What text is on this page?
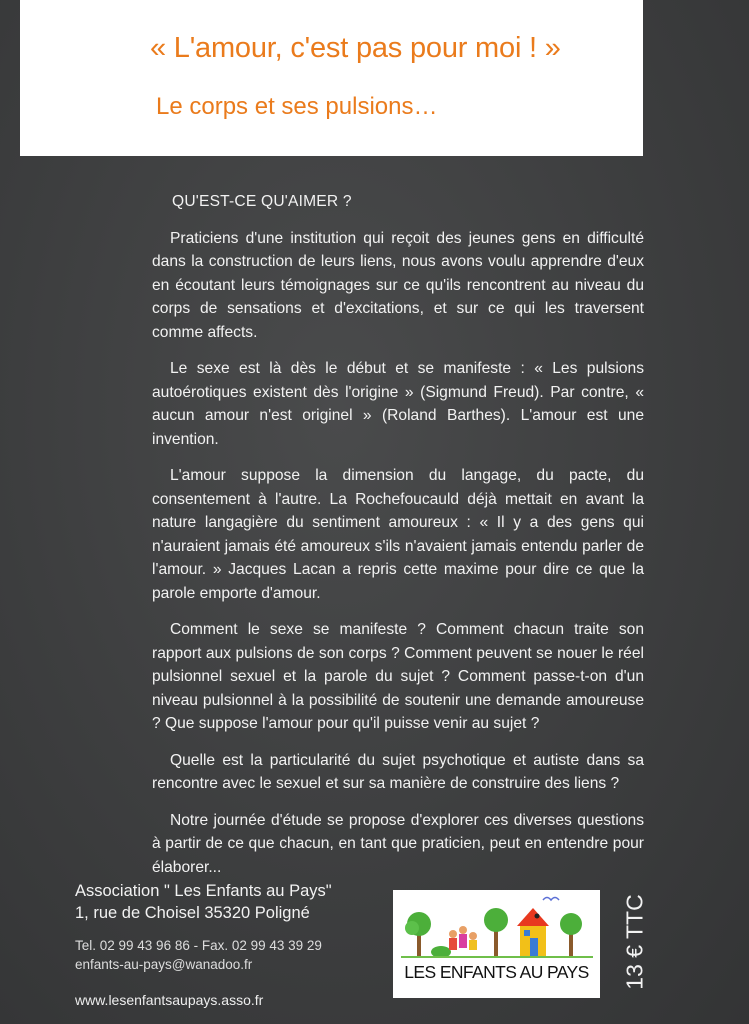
« L'amour, c'est pas pour moi ! »
Le corps et ses pulsions…
QU'EST-CE QU'AIMER ?

Praticiens d'une institution qui reçoit des jeunes gens en difficulté dans la construction de leurs liens, nous avons voulu apprendre d'eux en écoutant leurs témoignages sur ce qu'ils rencontrent au niveau du corps de sensations et d'excitations, et sur ce qui les traversent comme affects.

Le sexe est là dès le début et se manifeste : « Les pulsions autoérotiques existent dès l'origine » (Sigmund Freud). Par contre, « aucun amour n'est originel » (Roland Barthes). L'amour est une invention.

L'amour suppose la dimension du langage, du pacte, du consentement à l'autre. La Rochefoucauld déjà mettait en avant la nature langagière du sentiment amoureux : « Il y a des gens qui n'auraient jamais été amoureux s'ils n'avaient jamais entendu parler de l'amour. » Jacques Lacan a repris cette maxime pour dire ce que la parole emporte d'amour.

Comment le sexe se manifeste ? Comment chacun traite son rapport aux pulsions de son corps ? Comment peuvent se nouer le réel pulsionnel sexuel et la parole du sujet ? Comment passe-t-on d'un niveau pulsionnel à la possibilité de soutenir une demande amoureuse ? Que suppose l'amour pour qu'il puisse venir au sujet ?

Quelle est la particularité du sujet psychotique et autiste dans sa rencontre avec le sexuel et sur sa manière de construire des liens ?

Notre journée d'étude se propose d'explorer ces diverses questions à partir de ce que chacun, en tant que praticien, peut en entendre pour élaborer...

Association " Les Enfants au Pays"
1, rue de Choisel 35320 Poligné
Tel. 02 99 43 96 86 - Fax. 02 99 43 39 29
enfants-au-pays@wanadoo.fr
www.lesenfantsaupays.asso.fr
LES ENFANTS AU PAYS	13 € TTC
